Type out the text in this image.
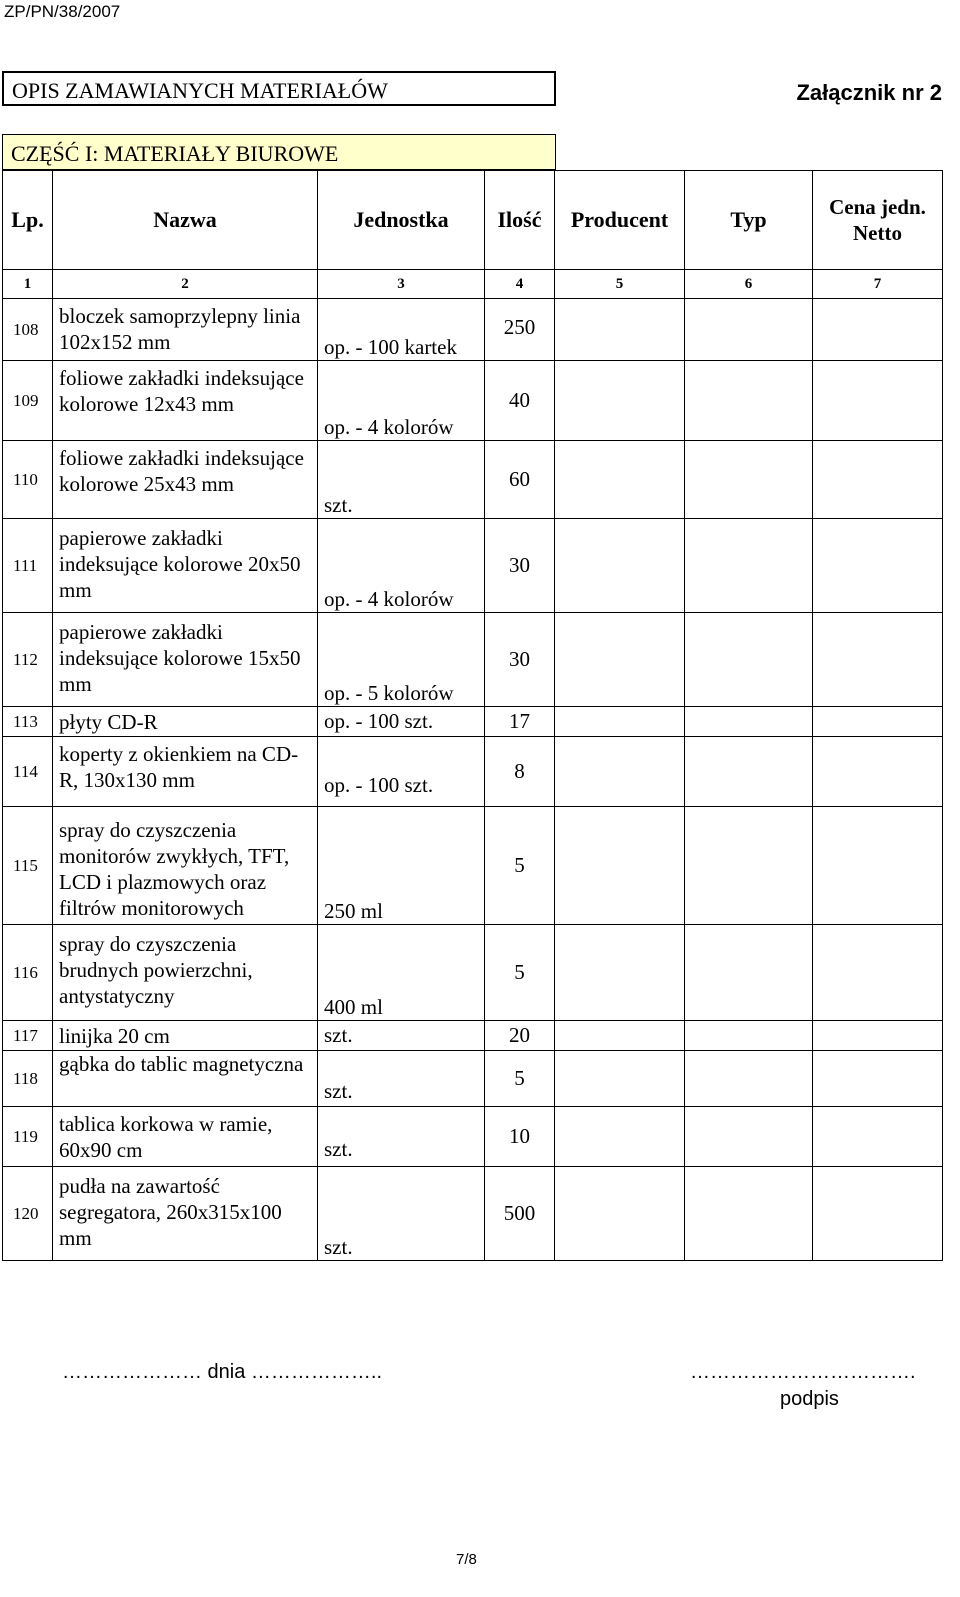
ZP/PN/38/2007
OPIS ZAMAWIANYCH MATERIAŁÓW	Załącznik nr 2
CZĘŚĆ I: MATERIAŁY BIUROWE
Lp.	Nazwa	Jednostka	Ilość	Producent	Typ	Cena jedn. Netto
1	2	3	4	5	6	7
108	bloczek samoprzylepny linia 102x152 mm	op. - 100 kartek	250			
109	foliowe zakładki indeksujące kolorowe 12x43 mm	op. - 4 kolorów	40			
110	foliowe zakładki indeksujące kolorowe 25x43 mm	szt.	60			
111	papierowe zakładki indeksujące kolorowe 20x50 mm	op. - 4 kolorów	30			
112	papierowe zakładki indeksujące kolorowe 15x50 mm	op. - 5 kolorów	30			
113	płyty CD-R	op. - 100 szt.	17			
114	koperty z okienkiem na CD-R, 130x130 mm	op. - 100 szt.	8			
115	spray do czyszczenia monitorów zwykłych, TFT, LCD i plazmowych oraz filtrów monitorowych	250 ml	5			
116	spray do czyszczenia brudnych powierzchni, antystatyczny	400 ml	5			
117	linijka 20 cm	szt.	20			
118	gąbka do tablic magnetyczna	szt.	5			
119	tablica korkowa w ramie, 60x90 cm	szt.	10			
120	pudła na zawartość segregatora, 260x315x100 mm	szt.	500			
………………… dnia ………………..	…………………………….
podpis
7/8
